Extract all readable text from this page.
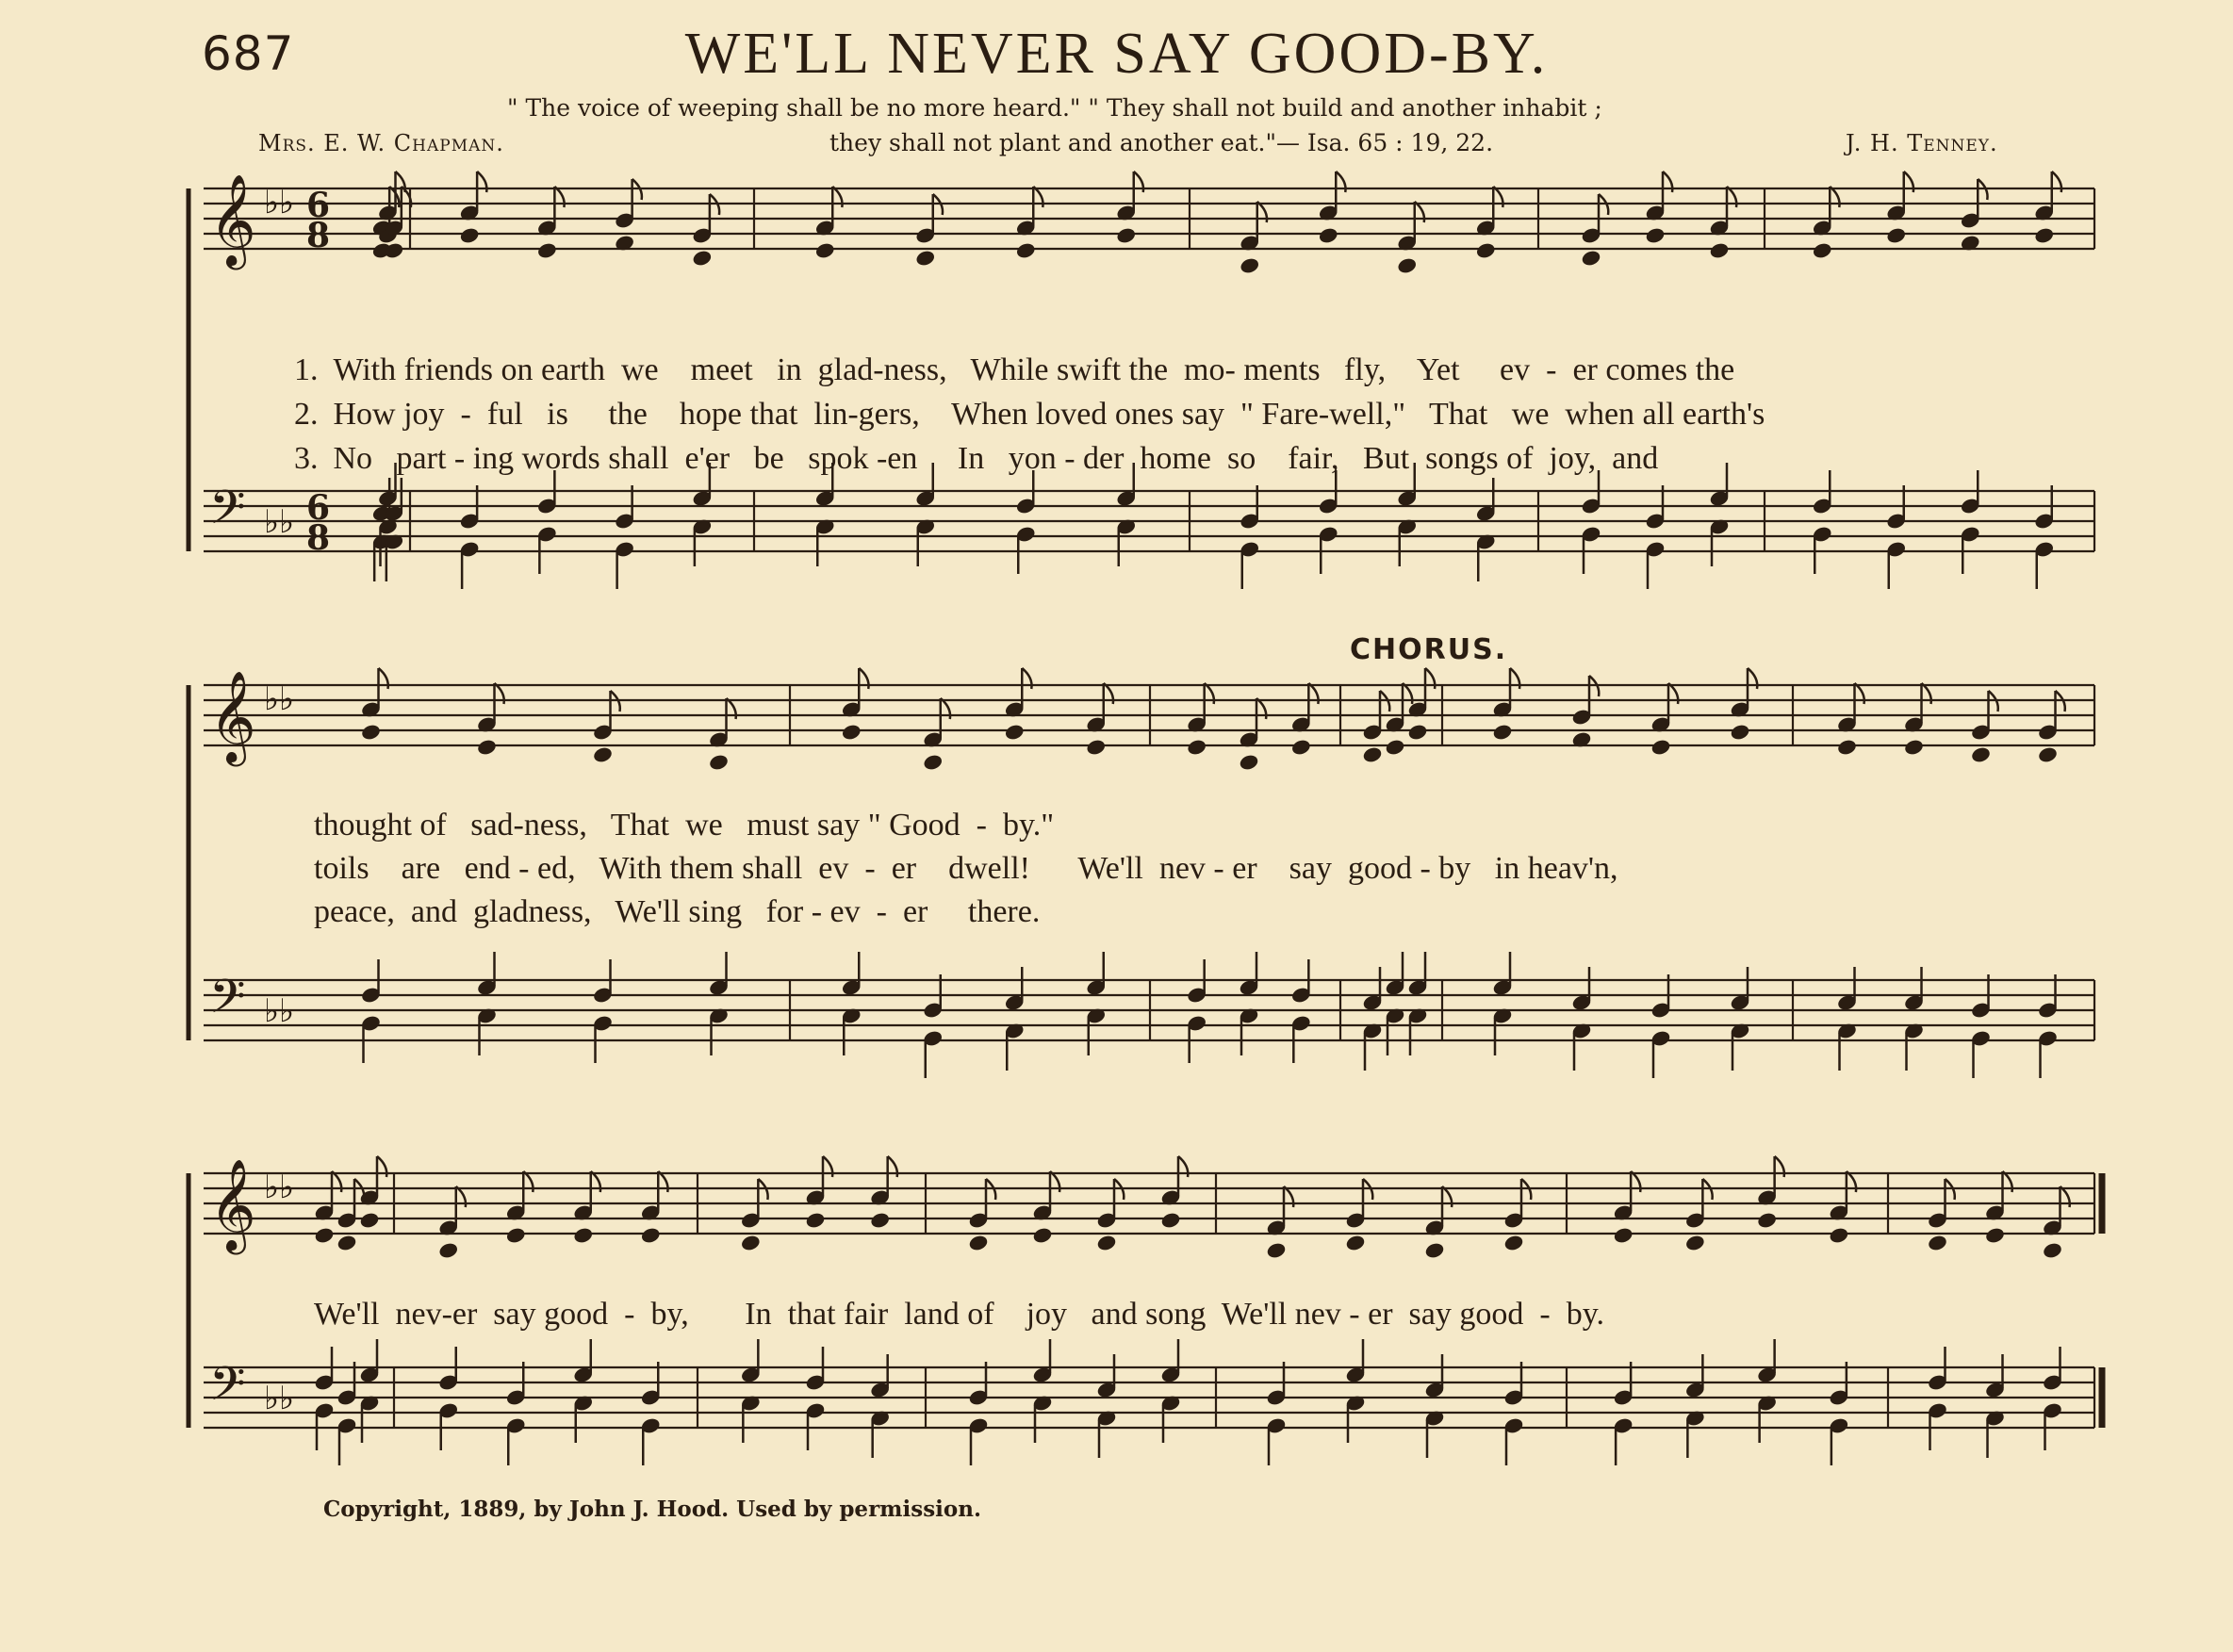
687	WE'LL NEVER SAY GOOD-BY.
" The voice of weeping shall be no more heard." " They shall not build and another inhabit ;
they shall not plant and another eat."— Isa. 65 : 19, 22.
Mrs. E. W. Chapman.	J. H. Tenney.
CHORUS.
𝄞 ♭♭ 6
8
𝄢 ♭♭ 6
8
𝄞 ♭♭
𝄢 ♭♭
𝄞 ♭♭
𝄢 ♭♭

1. With friends on earth  we    meet   in  glad-ness,   While swift the  mo- ments   fly,    Yet     ev  -  er comes the

2. How joy  -  ful   is     the    hope that  lin-gers,    When loved ones say  " Fare-well,"   That   we  when all earth's

3. No   part - ing words shall  e'er   be   spok -en     In   yon - der  home  so    fair,   But  songs of  joy,  and

thought of   sad-ness,   That  we   must say " Good  -  by."
toils    are   end - ed,   With them shall  ev  -  er    dwell!      We'll  nev - er    say  good - by   in heav'n,
peace,  and  gladness,   We'll sing   for - ev  -  er     there.
We'll  nev-er  say good  -  by,       In  that fair  land of    joy   and song  We'll nev - er  say good  -  by.
Copyright, 1889, by John J. Hood. Used by permission.
